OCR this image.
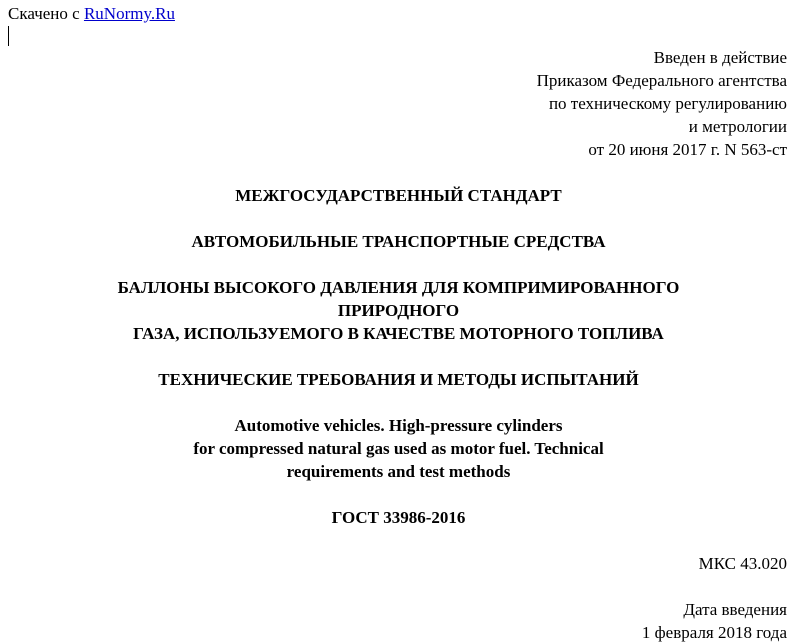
Скачено с RuNormy.Ru
Введен в действие
Приказом Федерального агентства
по техническому регулированию
и метрологии
от 20 июня 2017 г. N 563-ст
МЕЖГОСУДАРСТВЕННЫЙ СТАНДАРТ
АВТОМОБИЛЬНЫЕ ТРАНСПОРТНЫЕ СРЕДСТВА
БАЛЛОНЫ ВЫСОКОГО ДАВЛЕНИЯ ДЛЯ КОМПРИМИРОВАННОГО
ПРИРОДНОГО
ГАЗА, ИСПОЛЬЗУЕМОГО В КАЧЕСТВЕ МОТОРНОГО ТОПЛИВА
ТЕХНИЧЕСКИЕ ТРЕБОВАНИЯ И МЕТОДЫ ИСПЫТАНИЙ
Automotive vehicles. High-pressure cylinders
for compressed natural gas used as motor fuel. Technical
requirements and test methods
ГОСТ 33986-2016
МКС 43.020
Дата введения
1 февраля 2018 года
